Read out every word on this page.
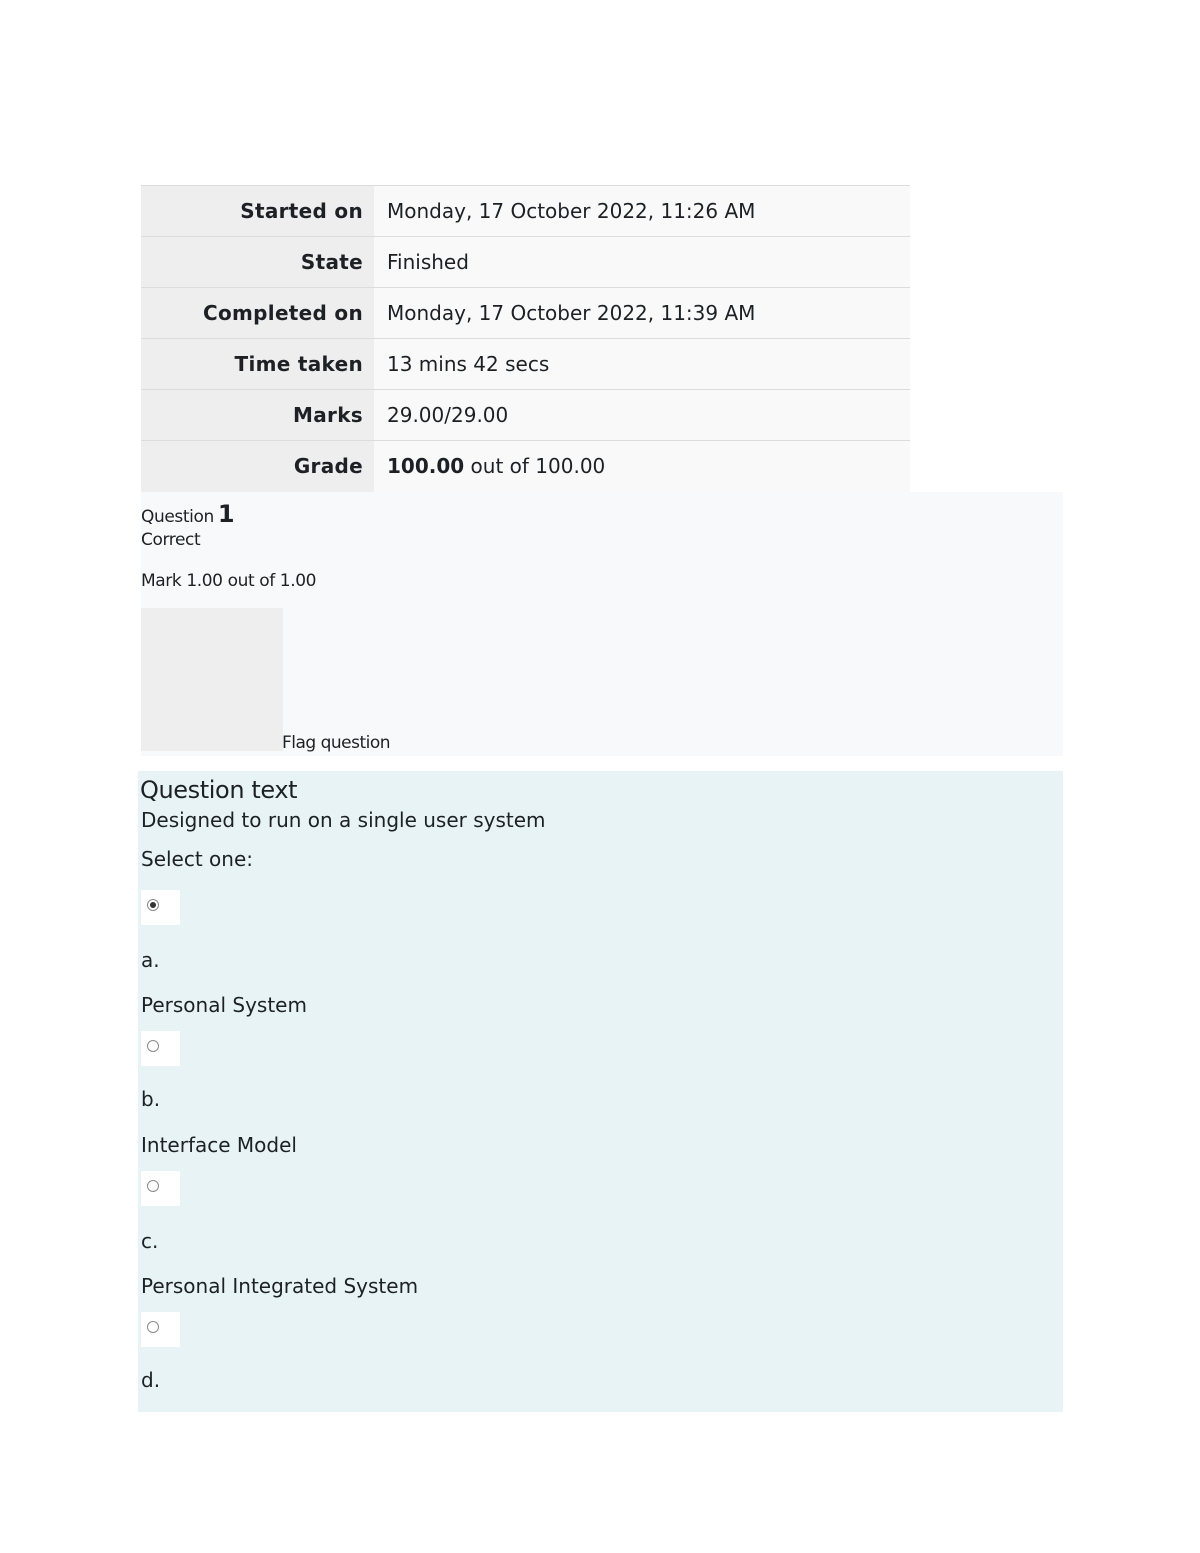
Started on	Monday, 17 October 2022, 11:26 AM
State	Finished
Completed on	Monday, 17 October 2022, 11:39 AM
Time taken	13 mins 42 secs
Marks	29.00/29.00
Grade	100.00 out of 100.00
Question 1
Correct
Mark 1.00 out of 1.00
Flag question
Question text
Designed to run on a single user system
Select one:
a.
Personal System
b.
Interface Model
c.
Personal Integrated System
d.
